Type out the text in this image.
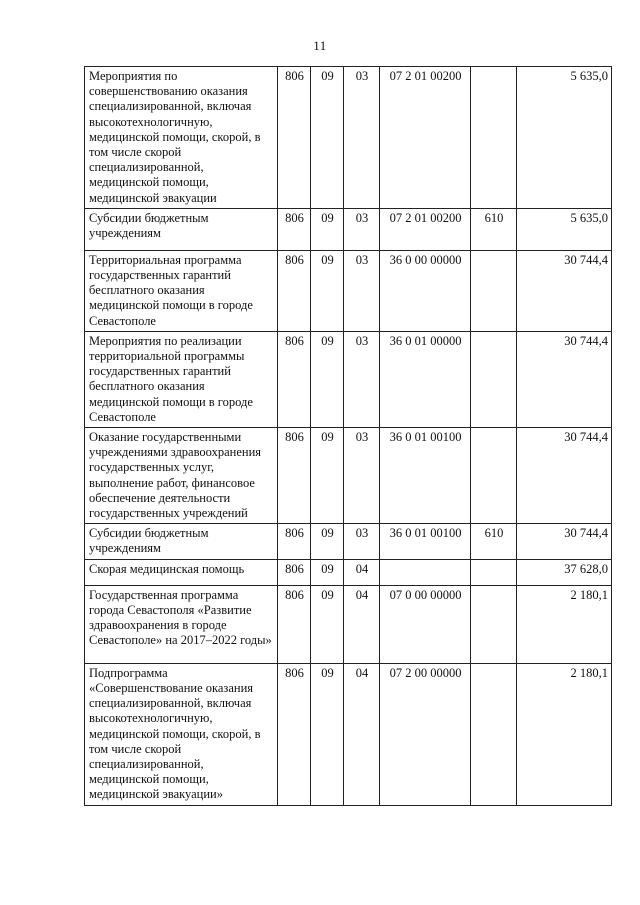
11
Мероприятия по совершенствованию оказания специализированной, включая высокотехнологичную, медицинской помощи, скорой, в том числе скорой специализированной, медицинской помощи, медицинской эвакуации	806	09	03	07 2 01 00200		5 635,0
Субсидии бюджетным учреждениям	806	09	03	07 2 01 00200	610	5 635,0
Территориальная программа государственных гарантий бесплатного оказания медицинской помощи в городе Севастополе	806	09	03	36 0 00 00000		30 744,4
Мероприятия по реализации территориальной программы государственных гарантий бесплатного оказания медицинской помощи в городе Севастополе	806	09	03	36 0 01 00000		30 744,4
Оказание государственными учреждениями здравоохранения государственных услуг, выполнение работ, финансовое обеспечение деятельности государственных учреждений	806	09	03	36 0 01 00100		30 744,4
Субсидии бюджетным учреждениям	806	09	03	36 0 01 00100	610	30 744,4
Скорая медицинская помощь	806	09	04			37 628,0
Государственная программа города Севастополя «Развитие здравоохранения в городе Севастополе» на 2017–2022 годы»	806	09	04	07 0 00 00000		2 180,1
Подпрограмма «Совершенствование оказания специализированной, включая высокотехнологичную, медицинской помощи, скорой, в том числе скорой специализированной, медицинской помощи, медицинской эвакуации»	806	09	04	07 2 00 00000		2 180,1
